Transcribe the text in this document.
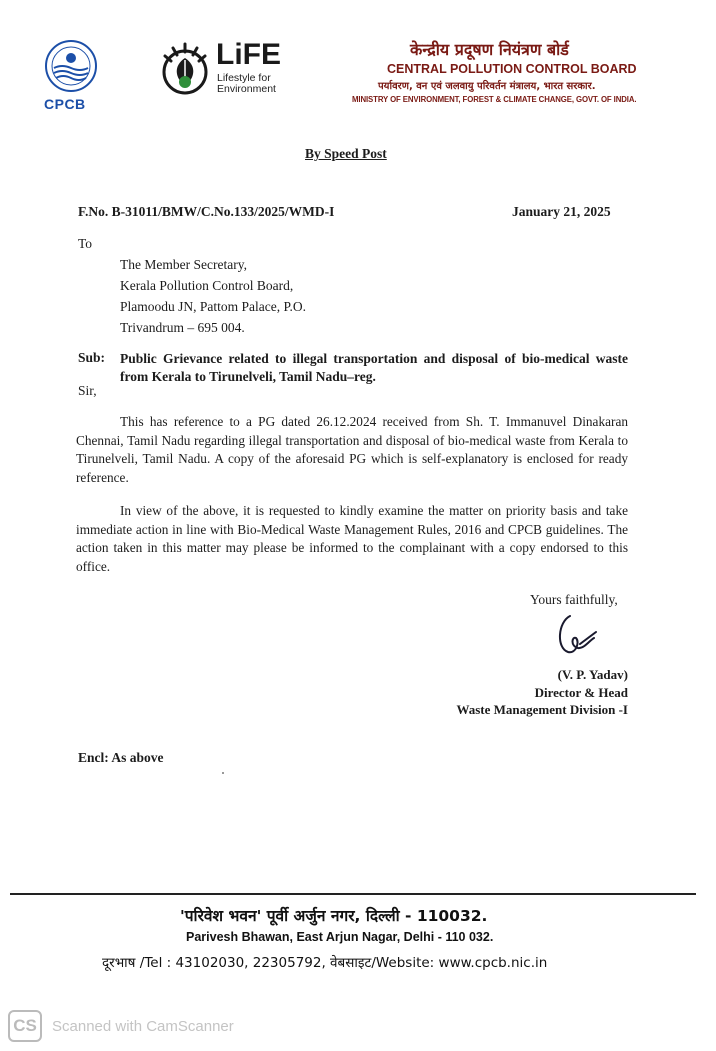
CPCB
LiFE
Lifestyle for Environment
केन्द्रीय प्रदूषण नियंत्रण बोर्ड
CENTRAL POLLUTION CONTROL BOARD
पर्यावरण, वन एवं जलवायु परिवर्तन मंत्रालय, भारत सरकार.
MINISTRY OF ENVIRONMENT, FOREST & CLIMATE CHANGE, GOVT. OF INDIA.
By Speed Post
F.No. B-31011/BMW/C.No.133/2025/WMD-I	January 21, 2025
To
The Member Secretary,
Kerala Pollution Control Board,
Plamoodu JN, Pattom Palace, P.O.
Trivandrum – 695 004.
Sub: Public Grievance related to illegal transportation and disposal of bio-medical waste from Kerala to Tirunelveli, Tamil Nadu–reg.
Sir,
This has reference to a PG dated 26.12.2024 received from Sh. T. Immanuvel Dinakaran Chennai, Tamil Nadu regarding illegal transportation and disposal of bio-medical waste from Kerala to Tirunelveli, Tamil Nadu. A copy of the aforesaid PG which is self-explanatory is enclosed for ready reference.
In view of the above, it is requested to kindly examine the matter on priority basis and take immediate action in line with Bio-Medical Waste Management Rules, 2016 and CPCB guidelines. The action taken in this matter may please be informed to the complainant with a copy endorsed to this office.
Yours faithfully,
(V. P. Yadav)
Director & Head
Waste Management Division -I
Encl: As above
'परिवेश भवन' पूर्वी अर्जुन नगर, दिल्ली - 110032.
Parivesh Bhawan, East Arjun Nagar, Delhi - 110 032.
दूरभाष /Tel : 43102030, 22305792, वेबसाइट/Website: www.cpcb.nic.in
CS	Scanned with CamScanner
